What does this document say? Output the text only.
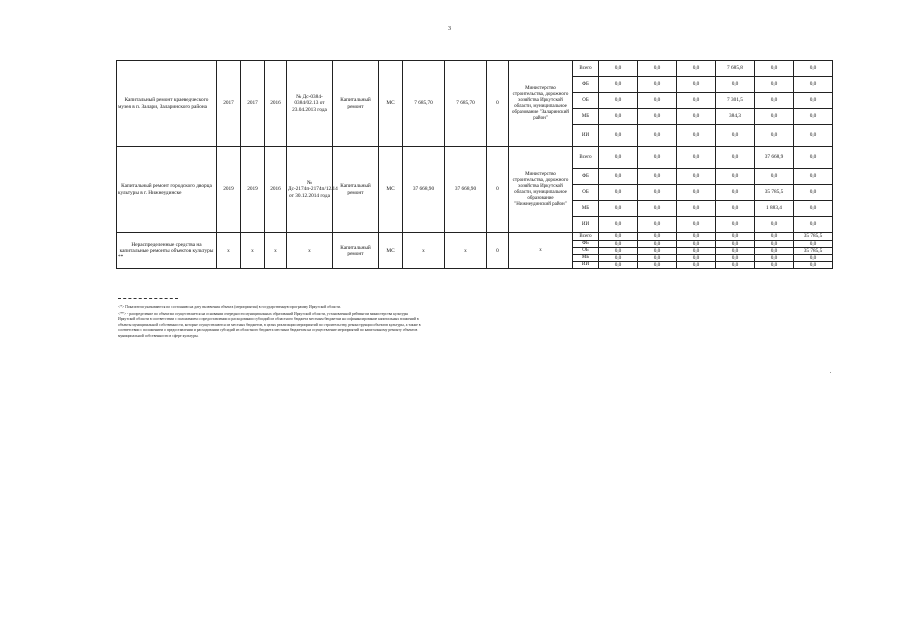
3
Капитальный ремонт краеведческого музея в п. Залари, Заларинского района	2017	2017	2016	№ Дс-0384-0384/02.13 от 23.04.2013 года	Капитальный ремонт	МС	7 685,70	7 685,70	0	Министерство строительства, дорожного хозяйства Иркутской области, муниципальное образование "Заларинский район"	Всего	0,0	0,0	0,0	7 685,8	0,0	0,0
											ФБ	0,0	0,0	0,0	0,0	0,0	0,0
											ОБ	0,0	0,0	0,0	7 301,5	0,0	0,0
											МБ	0,0	0,0	0,0	384,3	0,0	0,0
											ИИ	0,0	0,0	0,0	0,0	0,0	0,0
Капитальный ремонт городского дворца культуры в г. Нижнеудинске	2019	2019	2016	№ Дс-2174п-2174п/12.14 от 30.12.2014 года	Капитальный ремонт	МС	37 668,90	37 668,90	0	Министерство строительства, дорожного хозяйства Иркутской области, муниципальное образование "Нижнеудинский район"	Всего	0,0	0,0	0,0	0,0	37 668,9	0,0
											ФБ	0,0	0,0	0,0	0,0	0,0	0,0
											ОБ	0,0	0,0	0,0	0,0	35 785,5	0,0
											МБ	0,0	0,0	0,0	0,0	1 883,4	0,0
											ИИ	0,0	0,0	0,0	0,0	0,0	0,0
Нераспределенные средства на капитальные ремонты объектов культуры **	х	х	х	х	Капитальный ремонт	МС	х	х	0	х	Всего	0,0	0,0	0,0	0,0	0,0	35 785,5
											ФБ	0,0	0,0	0,0	0,0	0,0	0,0
											ОБ	0,0	0,0	0,0	0,0	0,0	35 785,5
											МБ	0,0	0,0	0,0	0,0	0,0	0,0
											ИИ	0,0	0,0	0,0	0,0	0,0	0,0
<*> Показатели указываются по состоянию на дату включения объекта (мероприятия) в государственную программу Иркутской области.
<**> - распределение по объектам осуществляется на основании очередности муниципальных образований Иркутской области, установленной рейтингом министерства культуры
Иркутской области в соответствии с положением о предоставлении и расходовании субсидий из областного бюджета местным бюджетам на софинансирование капитальных вложений в
объекты муниципальной собственности, которые осуществляются из местных бюджетов, в целях реализации мероприятий по строительству, реконструкции объектов культуры, а также в
соответствии с положением о предоставлении и расходовании субсидий из областного бюджета местным бюджетам на осуществление мероприятий по капитальному ремонту объектов
муниципальной собственности в сфере культуры.
